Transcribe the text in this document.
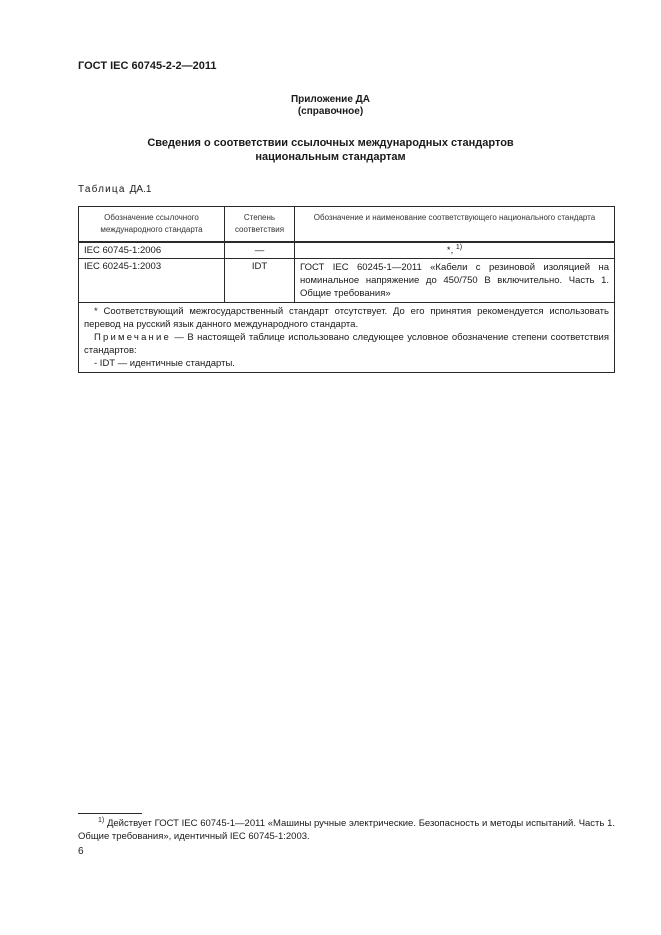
ГОСТ IEC 60745-2-2—2011
Приложение ДА
(справочное)
Сведения о соответствии ссылочных международных стандартов
национальным стандартам
Таблица ДА.1
Обозначение ссылочного международного стандарта	Степень соответствия	Обозначение и наименование соответствующего национального стандарта
IEC 60745-1:2006	—	*, $^{1)}$
IEC 60245-1:2003	IDT	ГОСТ IEC 60245-1—2011 «Кабели с резиновой изоляцией на номинальное напряжение до 450/750 В включительно. Часть 1. Общие требования»

* Соответствующий межгосударственный стандарт отсутствует. До его принятия рекомендуется использовать перевод на русский язык данного международного стандарта.

Примечание — В настоящей таблице использовано следующее условное обозначение степени соответствия стандартов:

- IDT — идентичные стандарты.		

$^{1)}$ Действует ГОСТ IEC 60745-1—2011 «Машины ручные электрические. Безопасность и методы испытаний. Часть 1. Общие требования», идентичный IEC 60745-1:2003.
6
